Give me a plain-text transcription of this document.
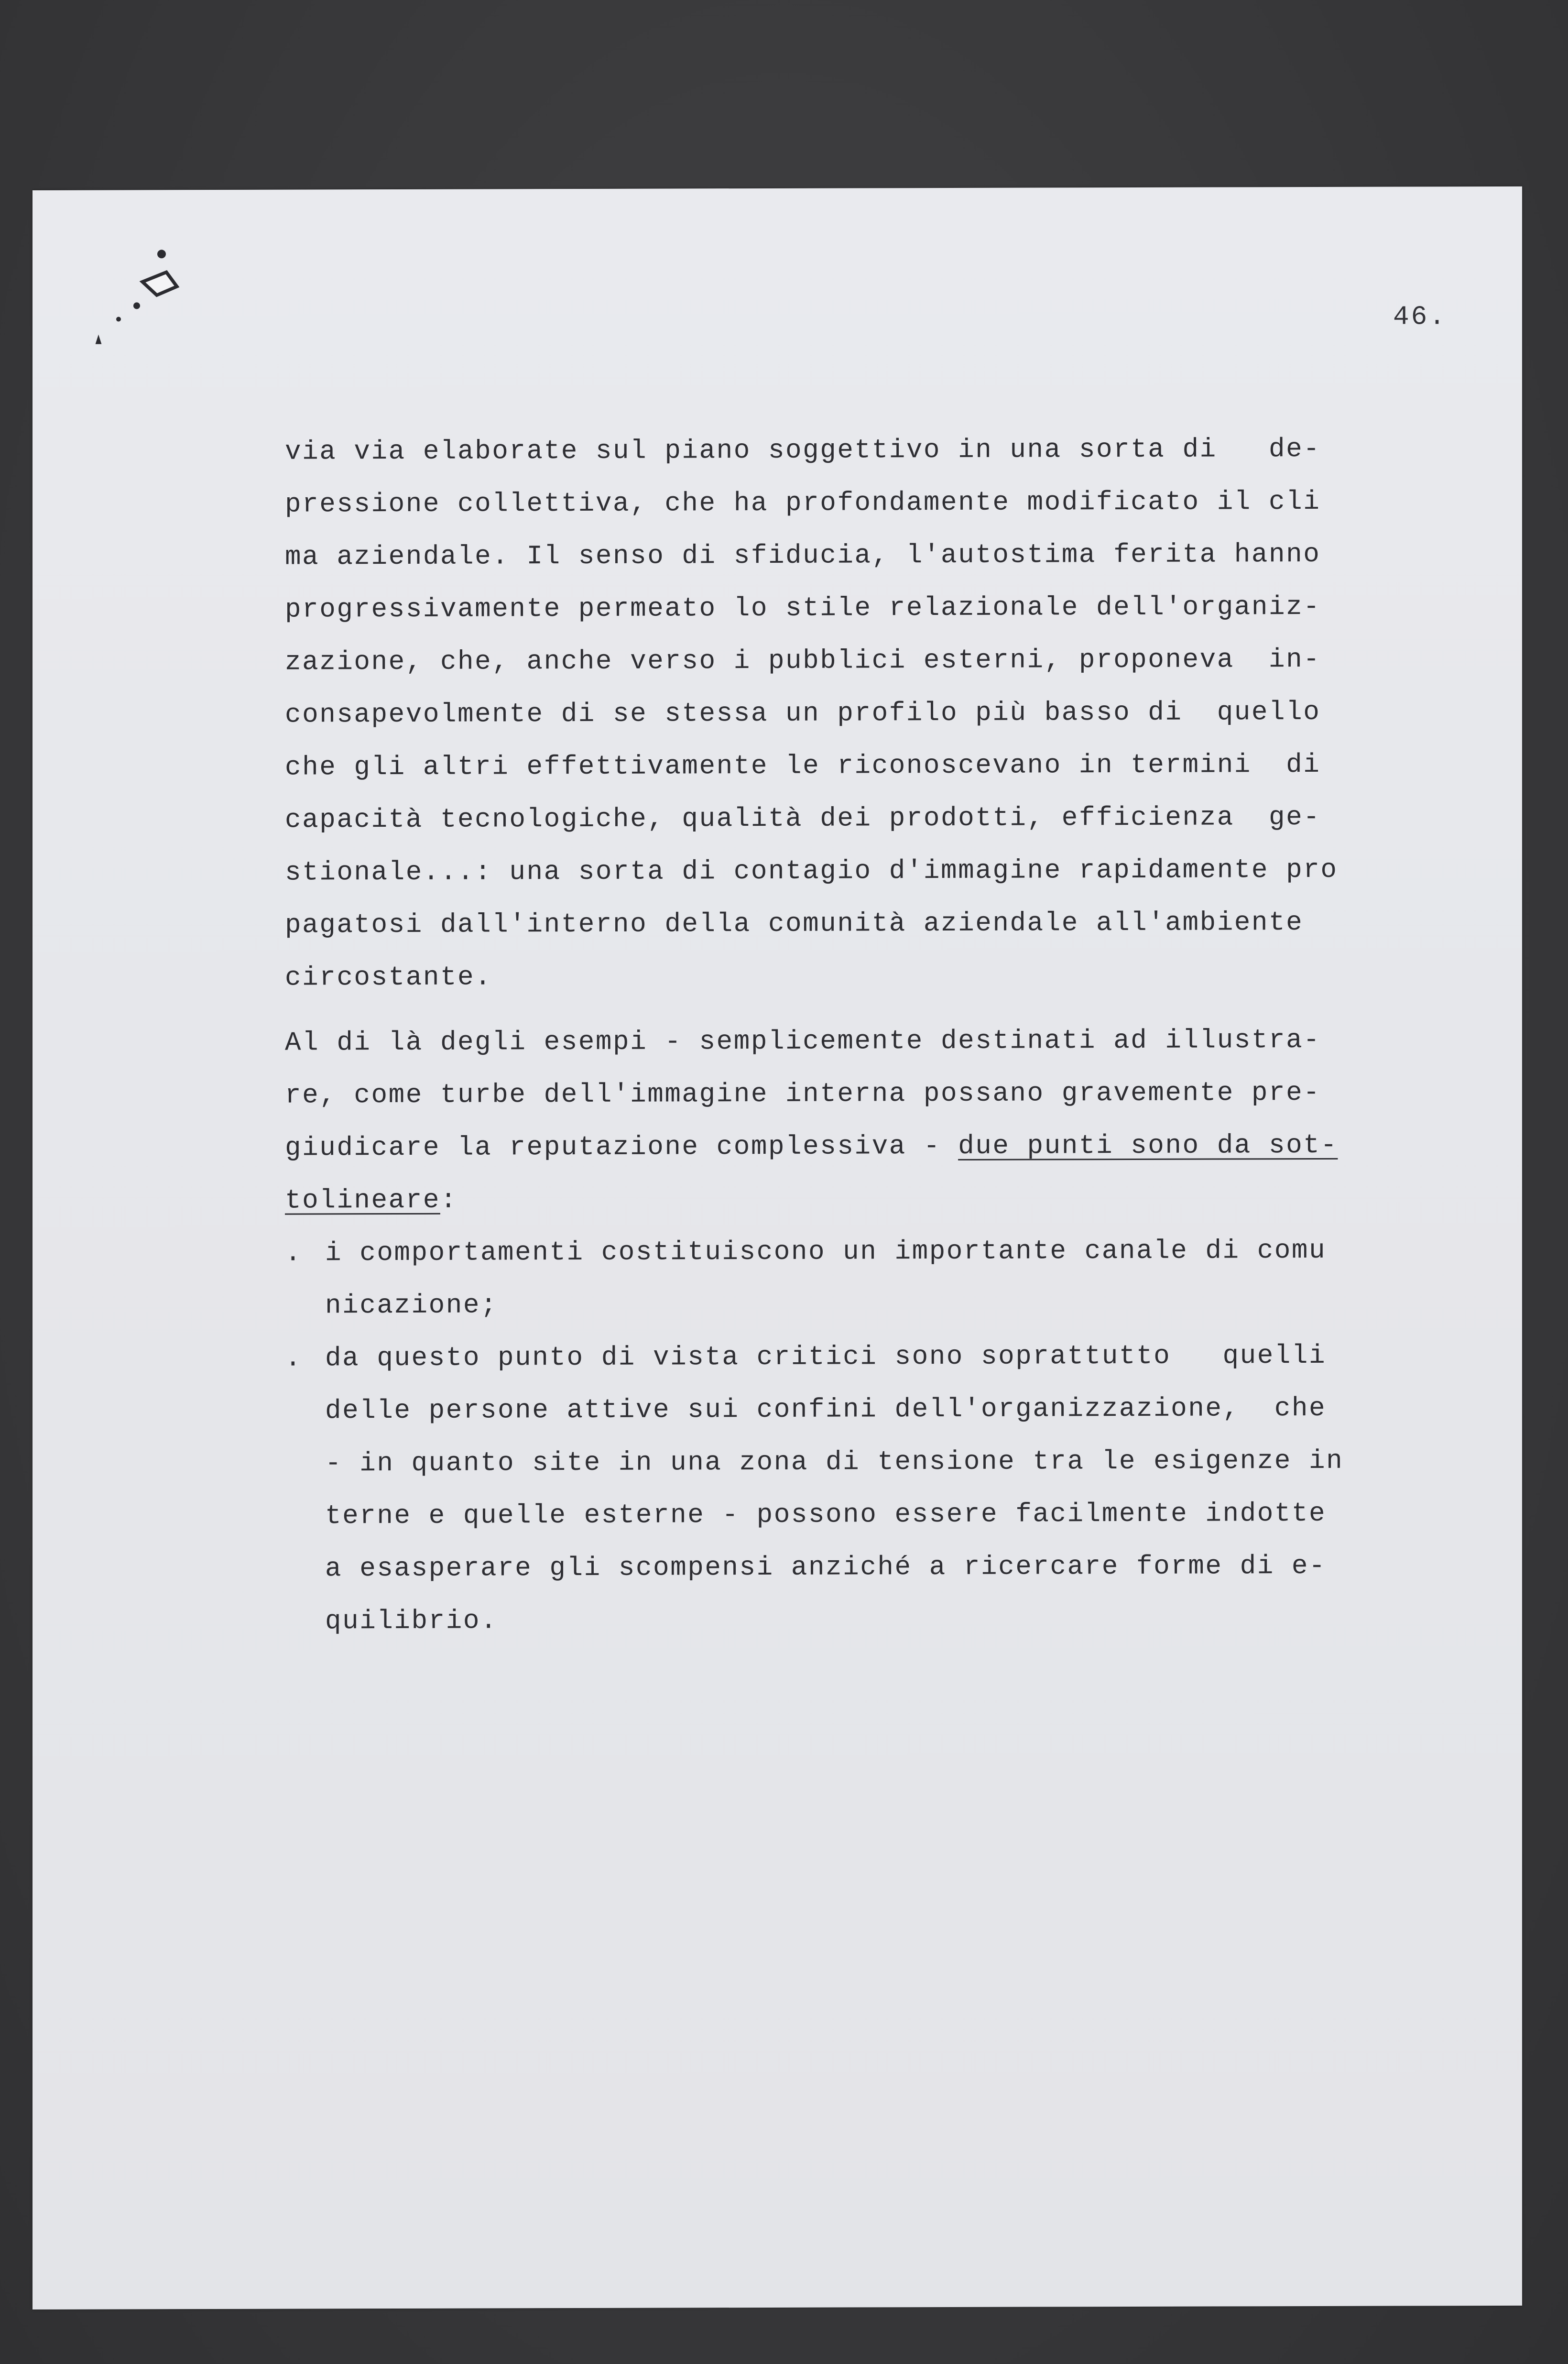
46.
via via elaborate sul piano soggettivo in una sorta di   de-
pressione collettiva, che ha profondamente modificato il cli
ma aziendale. Il senso di sfiducia, l'autostima ferita hanno
progressivamente permeato lo stile relazionale dell'organiz-
zazione, che, anche verso i pubblici esterni, proponeva  in-
consapevolmente di se stessa un profilo più basso di  quello
che gli altri effettivamente le riconoscevano in termini  di
capacità tecnologiche, qualità dei prodotti, efficienza  ge-
stionale...: una sorta di contagio d'immagine rapidamente pro
pagatosi dall'interno della comunità aziendale all'ambiente
circostante.
Al di là degli esempi - semplicemente destinati ad illustra-
re, come turbe dell'immagine interna possano gravemente pre-
giudicare la reputazione complessiva - due punti sono da sot-
tolineare:
. i comportamenti costituiscono un importante canale di comu
nicazione;
. da questo punto di vista critici sono soprattutto   quelli
delle persone attive sui confini dell'organizzazione,  che
- in quanto site in una zona di tensione tra le esigenze in
terne e quelle esterne - possono essere facilmente indotte
a esasperare gli scompensi anziché a ricercare forme di e-
quilibrio.
